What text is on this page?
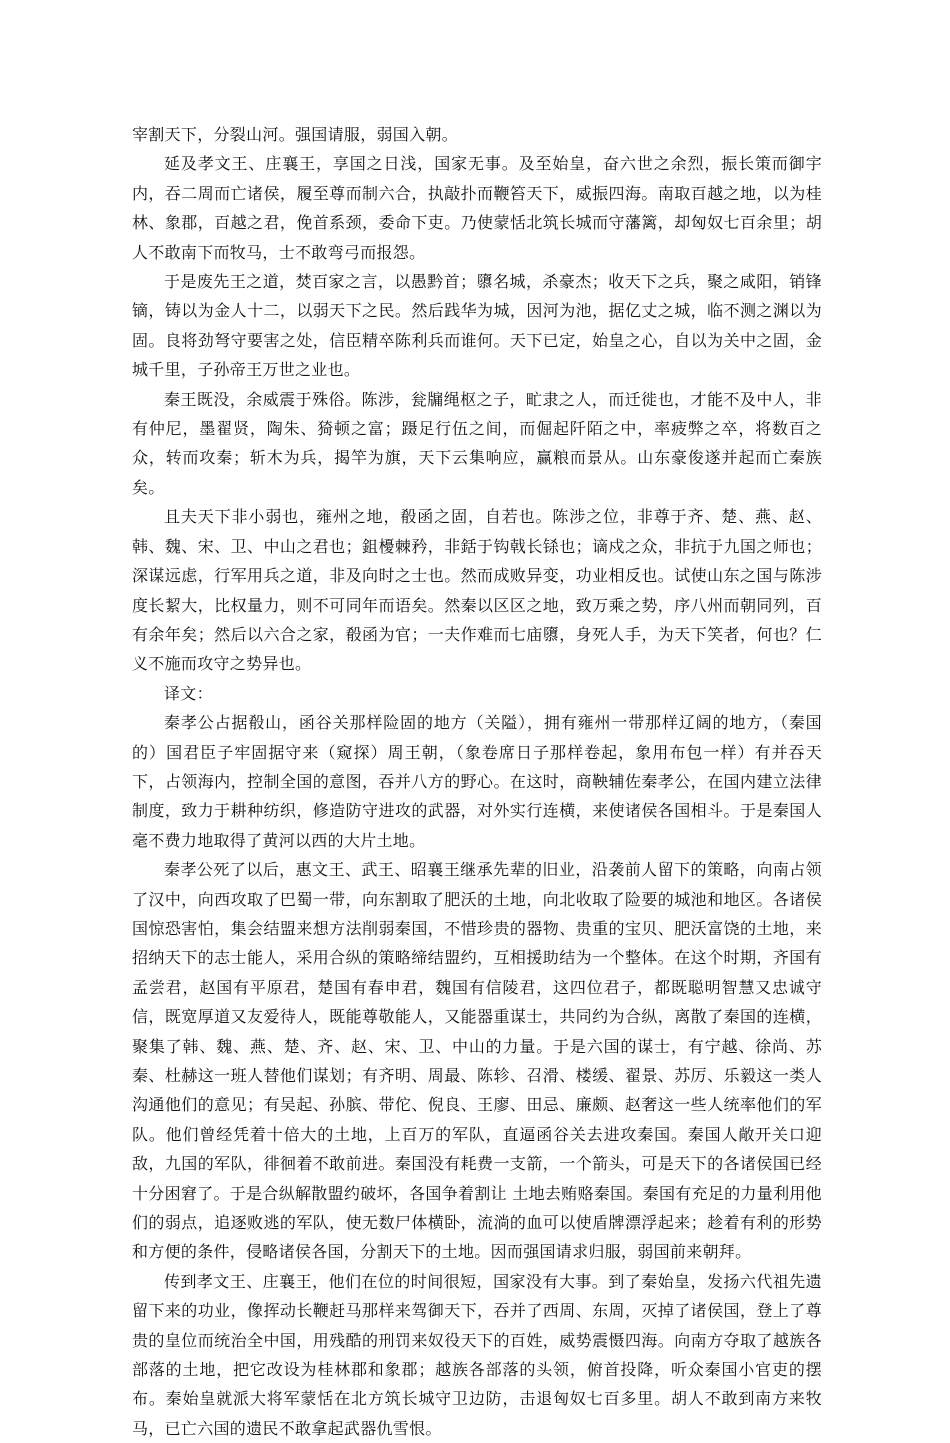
宰割天下，分裂山河。强国请服，弱国入朝。

延及孝文王、庄襄王，享国之日浅，国家无事。及至始皇，奋六世之余烈，振长策而御宇内，吞二周而亡诸侯，履至尊而制六合，执敲扑而鞭笞天下，威振四海。南取百越之地，以为桂林、象郡，百越之君，俛首系颈，委命下吏。乃使蒙恬北筑长城而守藩篱，却匈奴七百余里；胡人不敢南下而牧马，士不敢弯弓而报怨。

于是废先王之道，焚百家之言，以愚黔首；隳名城，杀豪杰；收天下之兵，聚之咸阳，销锋镝，铸以为金人十二，以弱天下之民。然后践华为城，因河为池，据亿丈之城，临不测之渊以为固。良将劲弩守要害之处，信臣精卒陈利兵而谁何。天下已定，始皇之心，自以为关中之固，金城千里，子孙帝王万世之业也。

秦王既没，余威震于殊俗。陈涉，瓮牖绳枢之子，甿隶之人，而迁徙也，才能不及中人，非有仲尼，墨翟贤，陶朱、猗顿之富；蹑足行伍之间，而倔起阡陌之中，率疲弊之卒，将数百之众，转而攻秦；斩木为兵，揭竿为旗，天下云集响应，赢粮而景从。山东豪俊遂并起而亡秦族矣。

且夫天下非小弱也，雍州之地，殽函之固，自若也。陈涉之位，非尊于齐、楚、燕、赵、韩、魏、宋、卫、中山之君也；鉏櫌棘矜，非銛于钩戟长铩也；谪戍之众，非抗于九国之师也；深谋远虑，行军用兵之道，非及向时之士也。然而成败异变，功业相反也。试使山东之国与陈涉度长絜大，比权量力，则不可同年而语矣。然秦以区区之地，致万乘之势，序八州而朝同列，百有余年矣；然后以六合之家，殽函为官；一夫作难而七庙隳，身死人手，为天下笑者，何也？仁义不施而攻守之势异也。

译文：

秦孝公占据殽山，函谷关那样险固的地方（关隘），拥有雍州一带那样辽阔的地方，（秦国的）国君臣子牢固据守来（窥探）周王朝，（象卷席日子那样卷起，象用布包一样）有并吞天下，占领海内，控制全国的意图，吞并八方的野心。在这时，商鞅辅佐秦孝公，在国内建立法律制度，致力于耕种纺织，修造防守进攻的武器，对外实行连横，来使诸侯各国相斗。于是秦国人毫不费力地取得了黄河以西的大片土地。

秦孝公死了以后，惠文王、武王、昭襄王继承先辈的旧业，沿袭前人留下的策略，向南占领了汉中，向西攻取了巴蜀一带，向东割取了肥沃的土地，向北收取了险要的城池和地区。各诸侯国惊恐害怕，集会结盟来想方法削弱秦国，不惜珍贵的器物、贵重的宝贝、肥沃富饶的土地，来招纳天下的志士能人，采用合纵的策略缔结盟约，互相援助结为一个整体。在这个时期，齐国有孟尝君，赵国有平原君，楚国有春申君，魏国有信陵君，这四位君子，都既聪明智慧又忠诚守信，既宽厚道又友爱待人，既能尊敬能人，又能器重谋士，共同约为合纵，离散了秦国的连横，聚集了韩、魏、燕、楚、齐、赵、宋、卫、中山的力量。于是六国的谋士，有宁越、徐尚、苏秦、杜赫这一班人替他们谋划；有齐明、周最、陈轸、召滑、楼缓、翟景、苏厉、乐毅这一类人沟通他们的意见；有吴起、孙膑、带佗、倪良、王廖、田忌、廉颇、赵奢这一些人统率他们的军队。他们曾经凭着十倍大的土地，上百万的军队，直逼函谷关去进攻秦国。秦国人敞开关口迎敌，九国的军队，徘徊着不敢前进。秦国没有耗费一支箭，一个箭头，可是天下的各诸侯国已经十分困窘了。于是合纵解散盟约破坏，各国争着割让 土地去贿赂秦国。秦国有充足的力量利用他们的弱点，追逐败逃的军队，使无数尸体横卧，流淌的血可以使盾牌漂浮起来；趁着有利的形势和方便的条件，侵略诸侯各国，分割天下的土地。因而强国请求归服，弱国前来朝拜。

传到孝文王、庄襄王，他们在位的时间很短，国家没有大事。到了秦始皇，发扬六代祖先遗留下来的功业，像挥动长鞭赶马那样来驾御天下，吞并了西周、东周，灭掉了诸侯国，登上了尊贵的皇位而统治全中国，用残酷的刑罚来奴役天下的百姓，威势震慑四海。向南方夺取了越族各部落的土地，把它改设为桂林郡和象郡；越族各部落的头领，俯首投降，听众秦国小官吏的摆布。秦始皇就派大将军蒙恬在北方筑长城守卫边防，击退匈奴七百多里。胡人不敢到南方来牧马，已亡六国的遗民不敢拿起武器仇雪恨。
